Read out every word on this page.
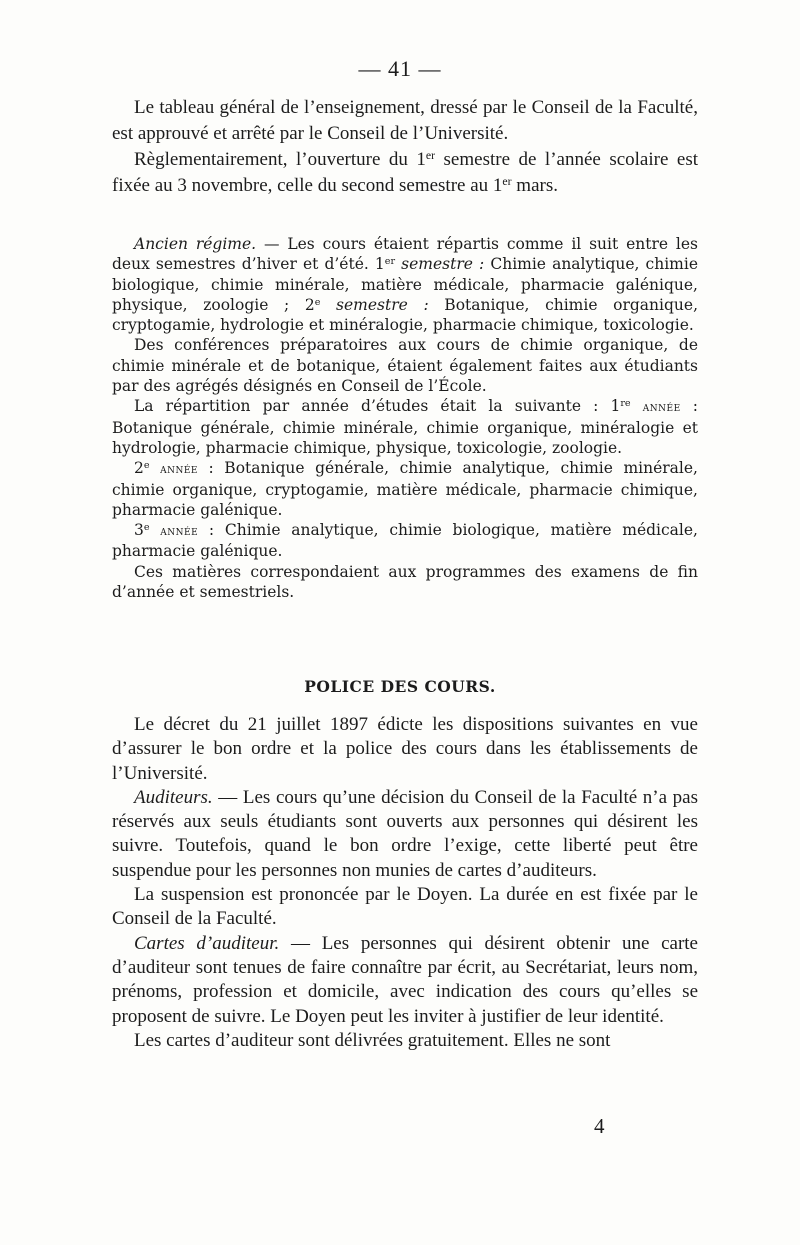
— 41 —

Le tableau général de l’enseignement, dressé par le Conseil de la Faculté, est approuvé et arrêté par le Conseil de l’Université.

Règlementairement, l’ouverture du 1er semestre de l’année scolaire est fixée au 3 novembre, celle du second semestre au 1er mars.

Ancien régime. — Les cours étaient répartis comme il suit entre les deux semestres d’hiver et d’été. 1er semestre : Chimie analytique, chimie biologique, chimie minérale, matière médicale, pharmacie galénique, physique, zoologie ; 2e semestre : Botanique, chimie organique, cryptogamie, hydrologie et minéralogie, pharmacie chimique, toxicologie.

Des conférences préparatoires aux cours de chimie organique, de chimie minérale et de botanique, étaient également faites aux étudiants par des agrégés désignés en Conseil de l’École.

La répartition par année d’études était la suivante : 1re année : Botanique générale, chimie minérale, chimie organique, minéralogie et hydrologie, pharmacie chimique, physique, toxicologie, zoologie.

2e année : Botanique générale, chimie analytique, chimie minérale, chimie organique, cryptogamie, matière médicale, pharmacie chimique, pharmacie galénique.

3e année : Chimie analytique, chimie biologique, matière médicale, pharmacie galénique.

Ces matières correspondaient aux programmes des examens de fin d’année et semestriels.

POLICE DES COURS.

Le décret du 21 juillet 1897 édicte les dispositions suivantes en vue d’assurer le bon ordre et la police des cours dans les établissements de l’Université.

Auditeurs. — Les cours qu’une décision du Conseil de la Faculté n’a pas réservés aux seuls étudiants sont ouverts aux personnes qui désirent les suivre. Toutefois, quand le bon ordre l’exige, cette liberté peut être suspendue pour les personnes non munies de cartes d’auditeurs.

La suspension est prononcée par le Doyen. La durée en est fixée par le Conseil de la Faculté.

Cartes d’auditeur. — Les personnes qui désirent obtenir une carte d’auditeur sont tenues de faire connaître par écrit, au Secrétariat, leurs nom, prénoms, profession et domicile, avec indication des cours qu’elles se proposent de suivre. Le Doyen peut les inviter à justifier de leur identité.

Les cartes d’auditeur sont délivrées gratuitement. Elles ne sont

4
